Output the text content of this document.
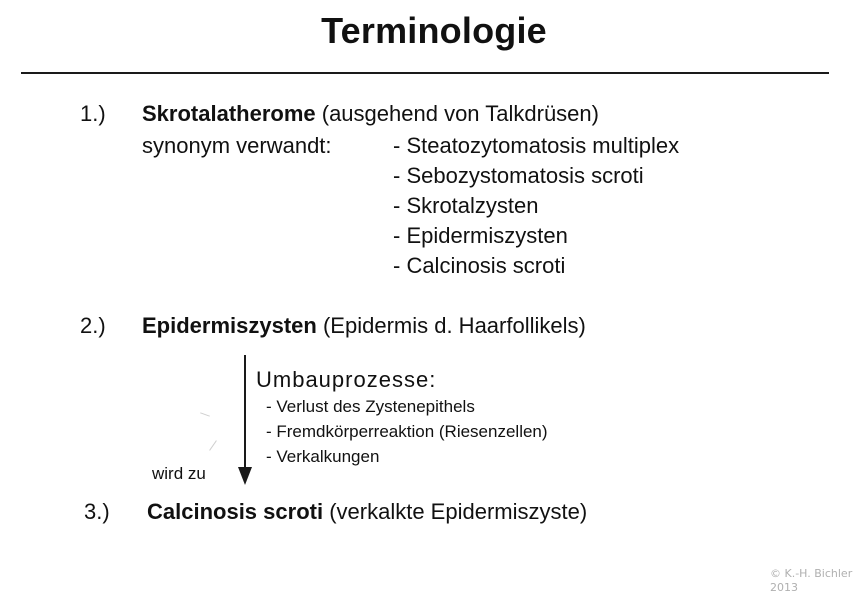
Terminologie
1.) Skrotalatherome (ausgehend von Talkdrüsen)
synonym verwandt:	- Steatozytomatosis multiplex
- Sebozystomatosis scroti
- Skrotalzysten
- Epidermiszysten
- Calcinosis scroti
2.) Epidermiszysten (Epidermis d. Haarfollikels)
Umbauprozesse:
- Verlust des Zystenepithels
- Fremdkörperreaktion (Riesenzellen)
- Verkalkungen
wird zu
3.) Calcinosis scroti (verkalkte Epidermiszyste)
© K.-H. Bichler
2013
